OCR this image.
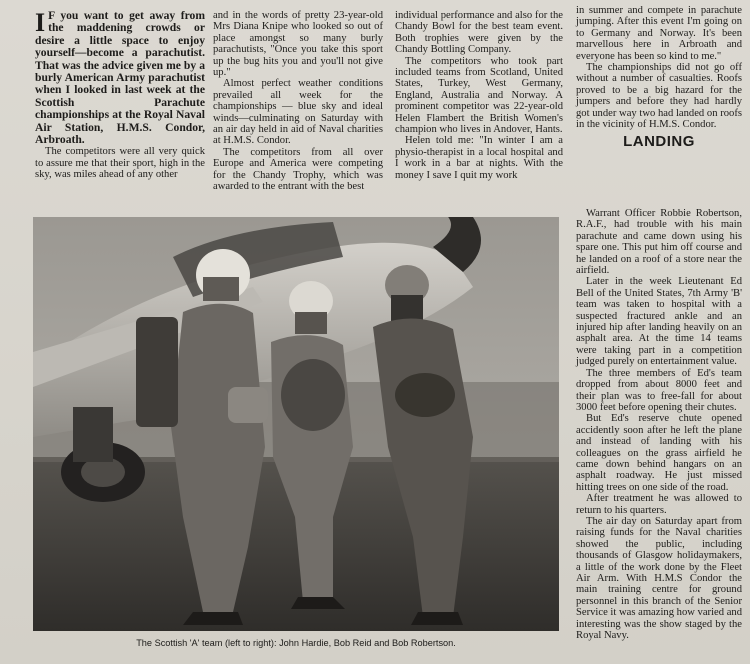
I F you want to get away from the maddening crowds or desire a little space to enjoy yourself—become a parachutist. That was the advice given me by a burly American Army parachutist when I looked in last week at the Scottish Parachute championships at the Royal Naval Air Station, H.M.S. Condor, Arbroath.

The competitors were all very quick to assure me that their sport, high in the sky, was miles ahead of any other

and in the words of pretty 23-year-old Mrs Diana Knipe who looked so out of place amongst so many burly parachutists, "Once you take this sport up the bug hits you and you'll not give up."

Almost perfect weather conditions prevailed all week for the championships — blue sky and ideal winds—culminating on Saturday with an air day held in aid of Naval charities at H.M.S. Condor.

The competitors from all over Europe and America were competing for the Chandy Trophy, which was awarded to the entrant with the best

individual performance and also for the Chandy Bowl for the best team event. Both trophies were given by the Chandy Bottling Company.

The competitors who took part included teams from Scotland, United States, Turkey, West Germany, England, Australia and Norway. A prominent competitor was 22-year-old Helen Flambert the British Women's champion who lives in Andover, Hants.

Helen told me: "In winter I am a physio-therapist in a local hospital and I work in a bar at nights. With the money I save I quit my work

in summer and compete in parachute jumping. After this event I'm going on to Germany and Norway. It's been marvellous here in Arbroath and everyone has been so kind to me."

The championships did not go off without a number of casualties. Roofs proved to be a big hazard for the jumpers and before they had hardly got under way two had landed on roofs in the vicinity of H.M.S. Condor.

LANDING

Warrant Officer Robbie Robertson, R.A.F., had trouble with his main parachute and came down using his spare one. This put him off course and he landed on a roof of a store near the airfield.

Later in the week Lieutenant Ed Bell of the United States, 7th Army 'B' team was taken to hospital with a suspected fractured ankle and an injured hip after landing heavily on an asphalt area. At the time 14 teams were taking part in a competition judged purely on entertainment value.

The three members of Ed's team dropped from about 8000 feet and their plan was to free-fall for about 3000 feet before opening their chutes.

But Ed's reserve chute opened accidently soon after he left the plane and instead of landing with his colleagues on the grass airfield he came down behind hangars on an asphalt roadway. He just missed hitting trees on one side of the road.

After treatment he was allowed to return to his quarters.

The air day on Saturday apart from raising funds for the Naval charities showed the public, including thousands of Glasgow holidaymakers, a little of the work done by the Fleet Air Arm. With H.M.S Condor the main training centre for ground personnel in this branch of the Senior Service it was amazing how varied and interesting was the show staged by the Royal Navy.

The Scottish 'A' team (left to right): John Hardie, Bob Reid and Bob Robertson.
